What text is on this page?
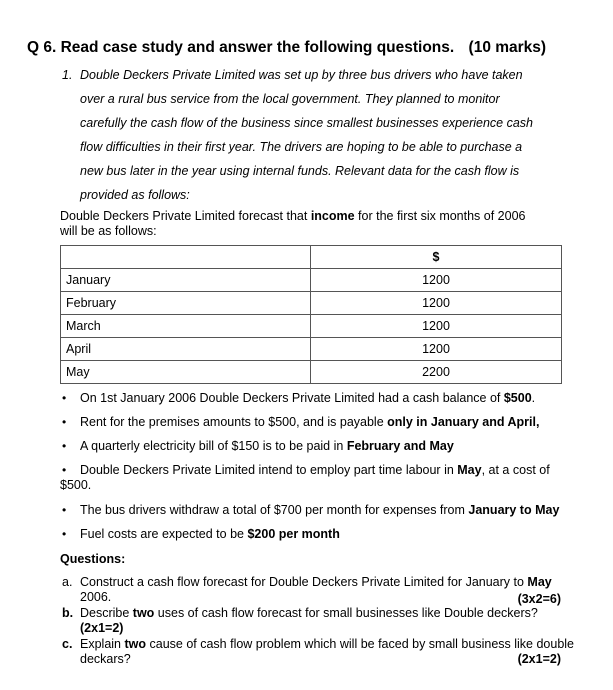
Q 6. Read case study and answer the following questions. (10 marks)
1. Double Deckers Private Limited was set up by three bus drivers who have taken
over a rural bus service from the local government. They planned to monitor
carefully the cash flow of the business since smallest businesses experience cash
flow difficulties in their first year. The drivers are hoping to be able to purchase a
new bus later in the year using internal funds. Relevant data for the cash flow is
provided as follows:
Double Deckers Private Limited forecast that income for the first six months of 2006
will be as follows:
	$
January	1200
February	1200
March	1200
April	1200
May	2200
• On 1st January 2006 Double Deckers Private Limited had a cash balance of $500.
• Rent for the premises amounts to $500, and is payable only in January and April,
• A quarterly electricity bill of $150 is to be paid in February and May
• Double Deckers Private Limited intend to employ part time labour in May, at a cost of
$500.
• The bus drivers withdraw a total of $700 per month for expenses from January to May
• Fuel costs are expected to be $200 per month
Questions:
a. Construct a cash flow forecast for Double Deckers Private Limited for January to May
2006.	(3x2=6)
b. Describe two uses of cash flow forecast for small businesses like Double deckers?
(2x1=2)
c. Explain two cause of cash flow problem which will be faced by small business like double
deckars?	(2x1=2)
